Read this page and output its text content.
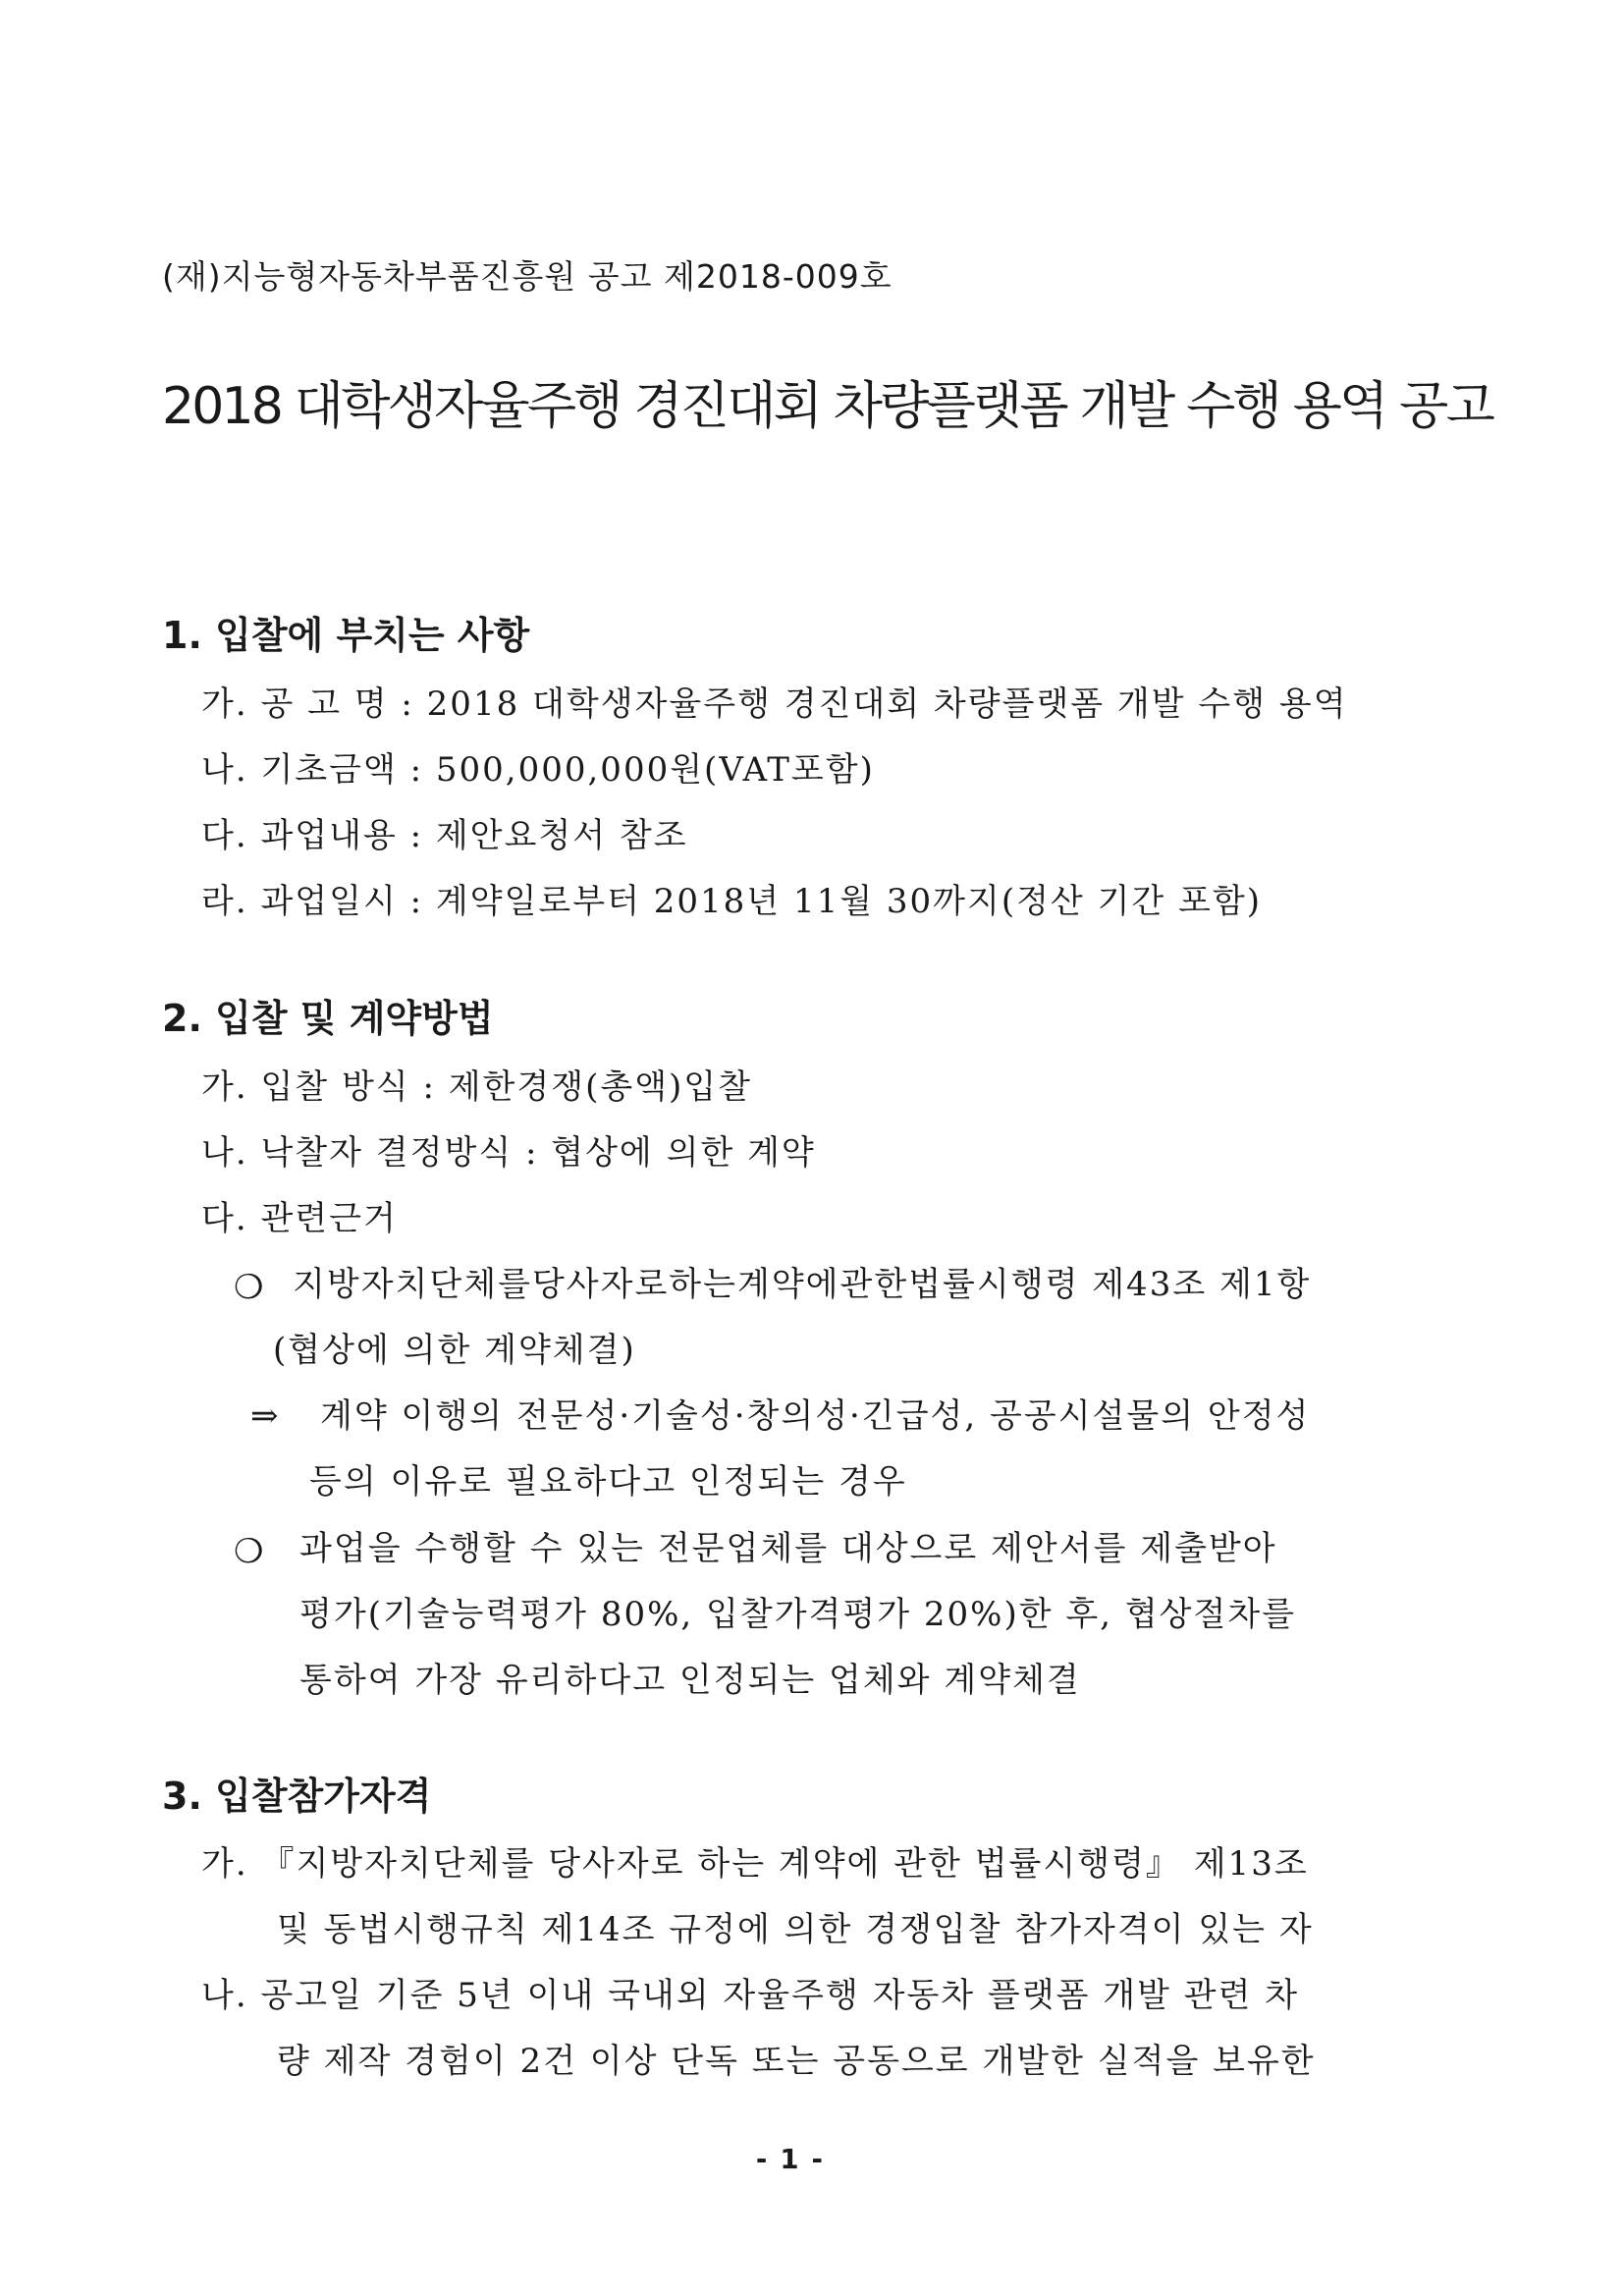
(재)지능형자동차부품진흥원 공고 제2018-009호
2018 대학생자율주행 경진대회 차량플랫폼 개발 수행 용역 공고
1. 입찰에 부치는 사항
가. 공 고 명 : 2018 대학생자율주행 경진대회 차량플랫폼 개발 수행 용역
나. 기초금액 : 500,000,000원(VAT포함)
다. 과업내용 : 제안요청서 참조
라. 과업일시 : 계약일로부터 2018년 11월 30까지(정산 기간 포함)
2. 입찰 및 계약방법
가. 입찰 방식 : 제한경쟁(총액)입찰
나. 낙찰자 결정방식 : 협상에 의한 계약
다. 관련근거
❍ 지방자치단체를당사자로하는계약에관한법률시행령 제43조 제1항
(협상에 의한 계약체결)
⇒ 계약 이행의 전문성·기술성·창의성·긴급성, 공공시설물의 안정성
등의 이유로 필요하다고 인정되는 경우
❍ 과업을 수행할 수 있는 전문업체를 대상으로 제안서를 제출받아
평가(기술능력평가 80%, 입찰가격평가 20%)한 후, 협상절차를
통하여 가장 유리하다고 인정되는 업체와 계약체결
3. 입찰참가자격
가. 『지방자치단체를 당사자로 하는 계약에 관한 법률시행령』 제13조
및 동법시행규칙 제14조 규정에 의한 경쟁입찰 참가자격이 있는 자
나. 공고일 기준 5년 이내 국내외 자율주행 자동차 플랫폼 개발 관련 차
량 제작 경험이 2건 이상 단독 또는 공동으로 개발한 실적을 보유한
